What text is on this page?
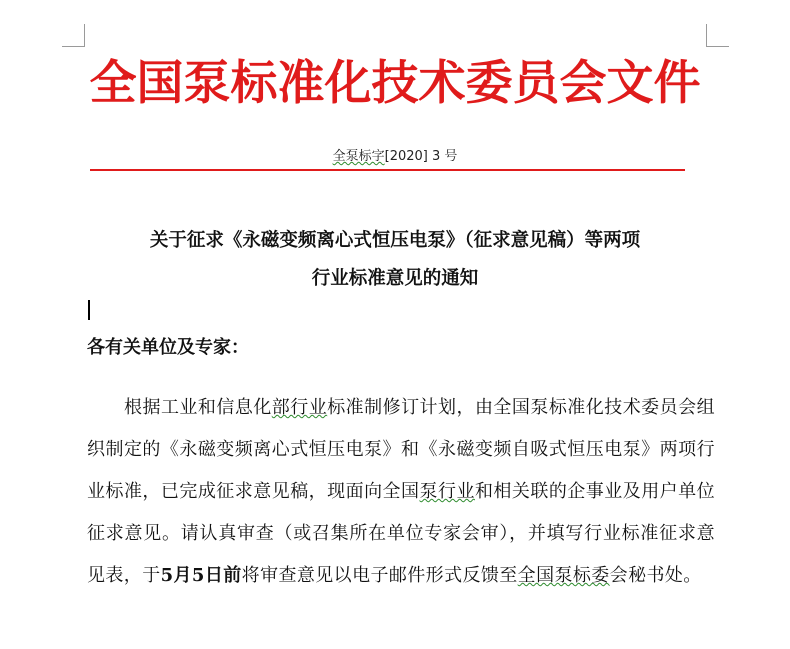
全国泵标准化技术委员会文件
全泵标字[2020] 3 号
关于征求《永磁变频离心式恒压电泵》（征求意见稿）等两项
行业标准意见的通知
各有关单位及专家：
根据工业和信息化部行业标准制修订计划，由全国泵标准化技术委员会组织制定的《永磁变频离心式恒压电泵》和《永磁变频自吸式恒压电泵》两项行业标准，已完成征求意见稿，现面向全国泵行业和相关联的企事业及用户单位征求意见。请认真审查（或召集所在单位专家会审），并填写行业标准征求意见表，于5月5日前将审查意见以电子邮件形式反馈至全国泵标委会秘书处。
